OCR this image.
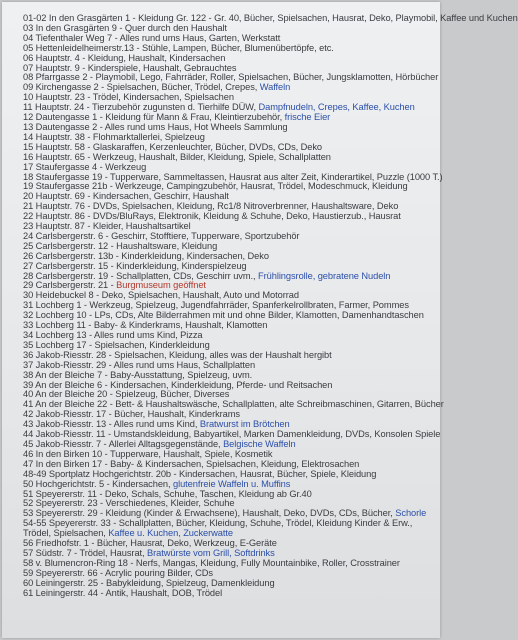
01-02 In den Grasgärten 1 - Kleidung Gr. 122 - Gr. 40, Bücher, Spielsachen, Hausrat, Deko, Playmobil, Kaffee und Kuchen
03 In den Grasgärten 9 - Quer durch den Haushalt
04 Tiefenthaler Weg 7 - Alles rund ums Haus, Garten, Werkstatt
05 Hettenleidelheimerstr.13 - Stühle, Lampen, Bücher, Blumenübertöpfe, etc.
06 Hauptstr. 4 - Kleidung, Haushalt, Kindersachen
07 Hauptstr. 9 - Kinderspiele, Haushalt, Gebrauchtes
08 Pfarrgasse 2 - Playmobil, Lego, Fahrräder, Roller, Spielsachen, Bücher, Jungsklamotten, Hörbücher
09 Kirchengasse 2 - Spielsachen, Bücher, Trödel, Crepes, Waffeln
10 Hauptstr. 23 - Trödel, Kindersachen, Spielsachen
11 Hauptstr. 24 - Tierzubehör zugunsten d. Tierhilfe DÜW, Dampfnudeln, Crepes, Kaffee, Kuchen
12 Dautengasse 1 - Kleidung für Mann & Frau, Kleintierzubehör, frische Eier
13 Dautengasse 2 - Alles rund ums Haus, Hot Wheels Sammlung
14 Hauptstr. 38 - Flohmarktallerlei, Spielzeug
15 Hauptstr. 58 - Glaskaraffen, Kerzenleuchter, Bücher, DVDs, CDs, Deko
16 Hauptstr. 65 - Werkzeug, Haushalt, Bilder, Kleidung, Spiele, Schallplatten
17 Staufergasse 4 - Werkzeug
18 Staufergasse 19 - Tupperware, Sammeltassen, Hausrat aus alter Zeit, Kinderartikel, Puzzle (1000 T.)
19 Staufergasse 21b - Werkzeuge, Campingzubehör, Hausrat, Trödel, Modeschmuck, Kleidung
20 Hauptstr. 69 - Kindersachen, Geschirr, Haushalt
21 Hauptstr. 76 - DVDs, Spielsachen, Kleidung, Rc1/8 Nitroverbrenner, Haushaltsware, Deko
22 Hauptstr. 86 - DVDs/BluRays, Elektronik, Kleidung & Schuhe, Deko, Haustierzub., Hausrat
23 Hauptstr. 87 - Kleider, Haushaltsartikel
24 Carlsbergerstr. 6 - Geschirr, Stofftiere, Tupperware, Sportzubehör
25 Carlsbergerstr. 12 - Haushaltsware, Kleidung
26 Carlsbergerstr. 13b - Kinderkleidung, Kindersachen, Deko
27 Carlsbergerstr. 15 - Kinderkleidung, Kinderspielzeug
28 Carlsbergerstr. 19 - Schallplatten, CDs, Geschirr uvm., Frühlingsrolle, gebratene Nudeln
29 Carlsbergerstr. 21 - Burgmuseum geöffnet
30 Heidebuckel 8 - Deko, Spielsachen, Haushalt, Auto und Motorrad
31 Lochberg 1 - Werkzeug, Spielzeug, Jugendfahrräder, Spanferkelrollbraten, Farmer, Pommes
32 Lochberg 10 - LPs, CDs, Alte Bilderrahmen mit und ohne Bilder, Klamotten, Damenhandtaschen
33 Lochberg 11 - Baby- & Kinderkrams, Haushalt, Klamotten
34 Lochberg 13 - Alles rund ums Kind, Pizza
35 Lochberg 17 - Spielsachen, Kinderkleidung
36 Jakob-Riesstr. 28 - Spielsachen, Kleidung, alles was der Haushalt hergibt
37 Jakob-Riesstr. 29 - Alles rund ums Haus, Schallplatten
38 An der Bleiche 7 - Baby-Ausstattung, Spielzeug, uvm.
39 An der Bleiche 6 - Kindersachen, Kinderkleidung, Pferde- und Reitsachen
40 An der Bleiche 20 - Spielzeug, Bücher, Diverses
41 An der Bleiche 22 - Bett- & Haushaltswäsche, Schallplatten, alte Schreibmaschinen, Gitarren, Bücher
42 Jakob-Riesstr. 17 - Bücher, Haushalt, Kinderkrams
43 Jakob-Riesstr. 13 - Alles rund ums Kind, Bratwurst im Brötchen
44 Jakob-Riesstr. 11 - Umstandskleidung, Babyartikel, Marken Damenkleidung, DVDs, Konsolen Spiele
45 Jakob-Riesstr. 7 - Allerlei Alltagsgegenstände, Belgische Waffeln
46 In den Birken 10 - Tupperware, Haushalt, Spiele, Kosmetik
47 In den Birken 17 - Baby- & Kindersachen, Spielsachen, Kleidung, Elektrosachen
48-49 Sportplatz Hochgerichtstr. 20b - Kindersachen, Hausrat, Bücher, Spiele, Kleidung
50 Hochgerichtstr. 5 - Kindersachen, glutenfreie Waffeln u. Muffins
51 Speyererstr. 11 - Deko, Schals, Schuhe, Taschen, Kleidung ab Gr.40
52 Speyererstr. 23 - Verschiedenes, Kleider, Schuhe
53 Speyererstr. 29 - Kleidung (Kinder & Erwachsene), Haushalt, Deko, DVDs, CDs, Bücher, Schorle
54-55 Speyererstr. 33 - Schallplatten, Bücher, Kleidung, Schuhe, Trödel, Kleidung Kinder & Erw., Trödel, Spielsachen, Kaffee u. Kuchen, Zuckerwatte
56 Friedhofstr. 1 - Bücher, Hausrat, Deko, Werkzeug, E-Geräte
57 Südstr. 7 - Trödel, Hausrat, Bratwürste vom Grill, Softdrinks
58 v. Blumencron-Ring 18 - Nerfs, Mangas, Kleidung, Fully Mountainbike, Roller, Crosstrainer
59 Speyererstr. 66 - Acrylic pouring Bilder, CDs
60 Leiningerstr. 25 - Babykleidung, Spielzeug, Damenkleidung
61 Leiningerstr. 44 - Antik, Haushalt, DOB, Trödel
